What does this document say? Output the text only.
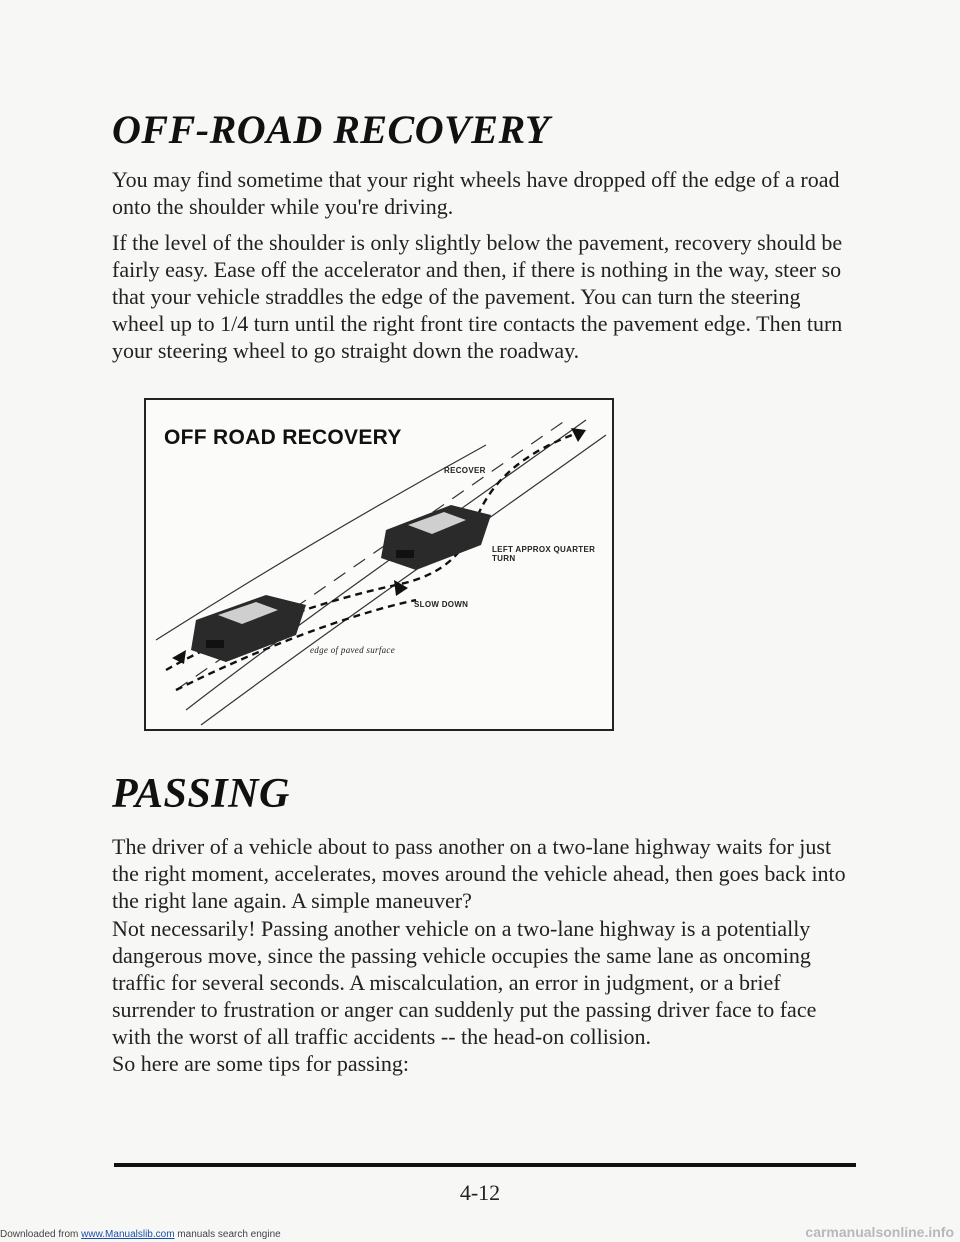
OFF-ROAD RECOVERY

You may find sometime that your right wheels have dropped off the edge of a road onto the shoulder while you're driving.

If the level of the shoulder is only slightly below the pavement, recovery should be fairly easy. Ease off the accelerator and then, if there is nothing in the way, steer so that your vehicle straddles the edge of the pavement. You can turn the steering wheel up to 1/4 turn until the right front tire contacts the pavement edge. Then turn your steering wheel to go straight down the roadway.

OFF ROAD RECOVERY

RECOVER
LEFT APPROX QUARTER TURN
SLOW DOWN
edge of paved surface
PASSING

The driver of a vehicle about to pass another on a two-lane highway waits for just the right moment, accelerates, moves around the vehicle ahead, then goes back into the right lane again. A simple maneuver?

Not necessarily! Passing another vehicle on a two-lane highway is a potentially dangerous move, since the passing vehicle occupies the same lane as oncoming traffic for several seconds. A miscalculation, an error in judgment, or a brief surrender to frustration or anger can suddenly put the passing driver face to face with the worst of all traffic accidents -- the head-on collision.

So here are some tips for passing:

4-12
Downloaded from www.Manualslib.com manuals search engine	carmanualsonline.info
